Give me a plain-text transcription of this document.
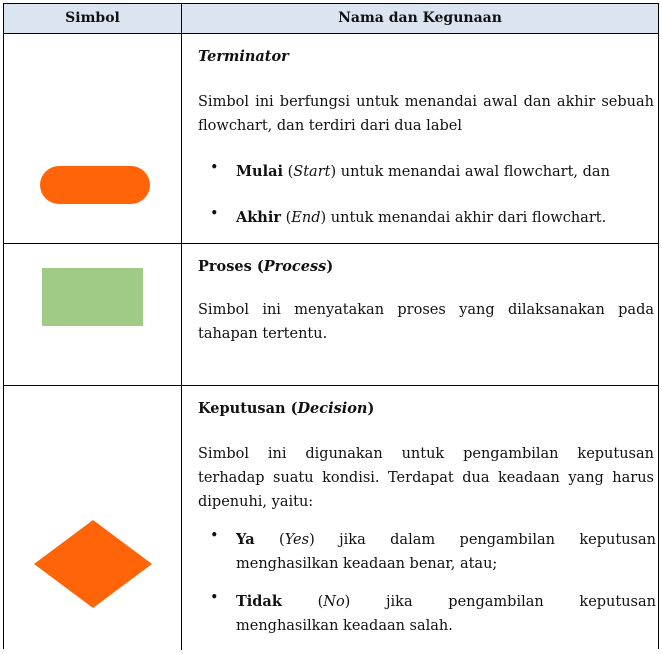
Simbol	Nama dan Kegunaan
Terminator
Simbol ini berfungsi untuk menandai awal dan akhir sebuah flowchart, dan terdiri dari dua label
• Mulai (Start) untuk menandai awal flowchart, dan
• Akhir (End) untuk menandai akhir dari flowchart.
Proses (Process)
Simbol ini menyatakan proses yang dilaksanakan pada tahapan tertentu.
Keputusan (Decision)
Simbol ini digunakan untuk pengambilan keputusan
terhadap suatu kondisi. Terdapat dua keadaan yang harus
dipenuhi, yaitu:
• Ya (Yes) jika dalam pengambilan keputusan
menghasilkan keadaan benar, atau;
• Tidak (No) jika pengambilan keputusan
menghasilkan keadaan salah.
